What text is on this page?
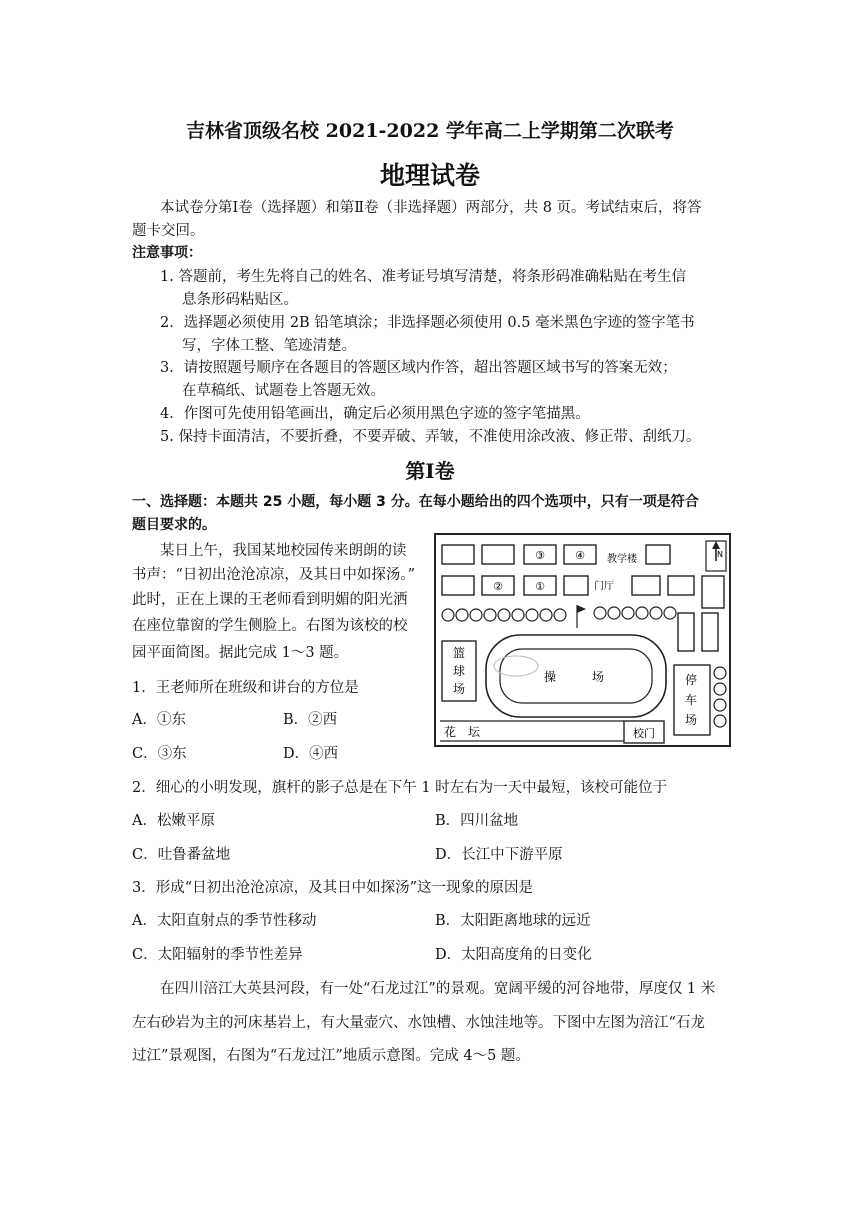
吉林省顶级名校 2021-2022 学年高二上学期第二次联考
地理试卷
本试卷分第Ⅰ卷（选择题）和第Ⅱ卷（非选择题）两部分，共 8 页。考试结束后，将答
题卡交回。
注意事项：
1. 答题前，考生先将自己的姓名、准考证号填写清楚，将条形码准确粘贴在考生信
息条形码粘贴区。
2．选择题必须使用 2B 铅笔填涂；非选择题必须使用 0.5 毫米黑色字迹的签字笔书
写，字体工整、笔迹清楚。
3．请按照题号顺序在各题目的答题区域内作答，超出答题区域书写的答案无效；
在草稿纸、试题卷上答题无效。
4．作图可先使用铅笔画出，确定后必须用黑色字迹的签字笔描黑。
5. 保持卡面清洁，不要折叠，不要弄破、弄皱，不准使用涂改液、修正带、刮纸刀。
第Ⅰ卷
一、选择题：本题共 25 小题，每小题 3 分。在每小题给出的四个选项中，只有一项是符合
题目要求的。
某日上午，我国某地校园传来朗朗的读
书声：“日初出沧沧凉凉，及其日中如探汤。”
此时，正在上课的王老师看到明媚的阳光洒
在座位靠窗的学生侧脸上。右图为该校的校
园平面简图。据此完成 1～3 题。
③	④ 教学楼	N
②	①	门厅
篮
球
场
操　　　场	停
车
场
花　坛	校门
1．王老师所在班级和讲台的方位是
A．①东	B．②西
C．③东	D．④西
2．细心的小明发现，旗杆的影子总是在下午 1 时左右为一天中最短，该校可能位于
A．松嫩平原	B．四川盆地
C．吐鲁番盆地	D．长江中下游平原
3．形成“日初出沧沧凉凉，及其日中如探汤”这一现象的原因是
A．太阳直射点的季节性移动	B．太阳距离地球的远近
C．太阳辐射的季节性差异	D．太阳高度角的日变化
在四川涪江大英县河段，有一处“石龙过江”的景观。宽阔平缓的河谷地带，厚度仅 1 米
左右砂岩为主的河床基岩上，有大量壶穴、水蚀槽、水蚀洼地等。下图中左图为涪江“石龙
过江”景观图，右图为“石龙过江”地质示意图。完成 4～5 题。
